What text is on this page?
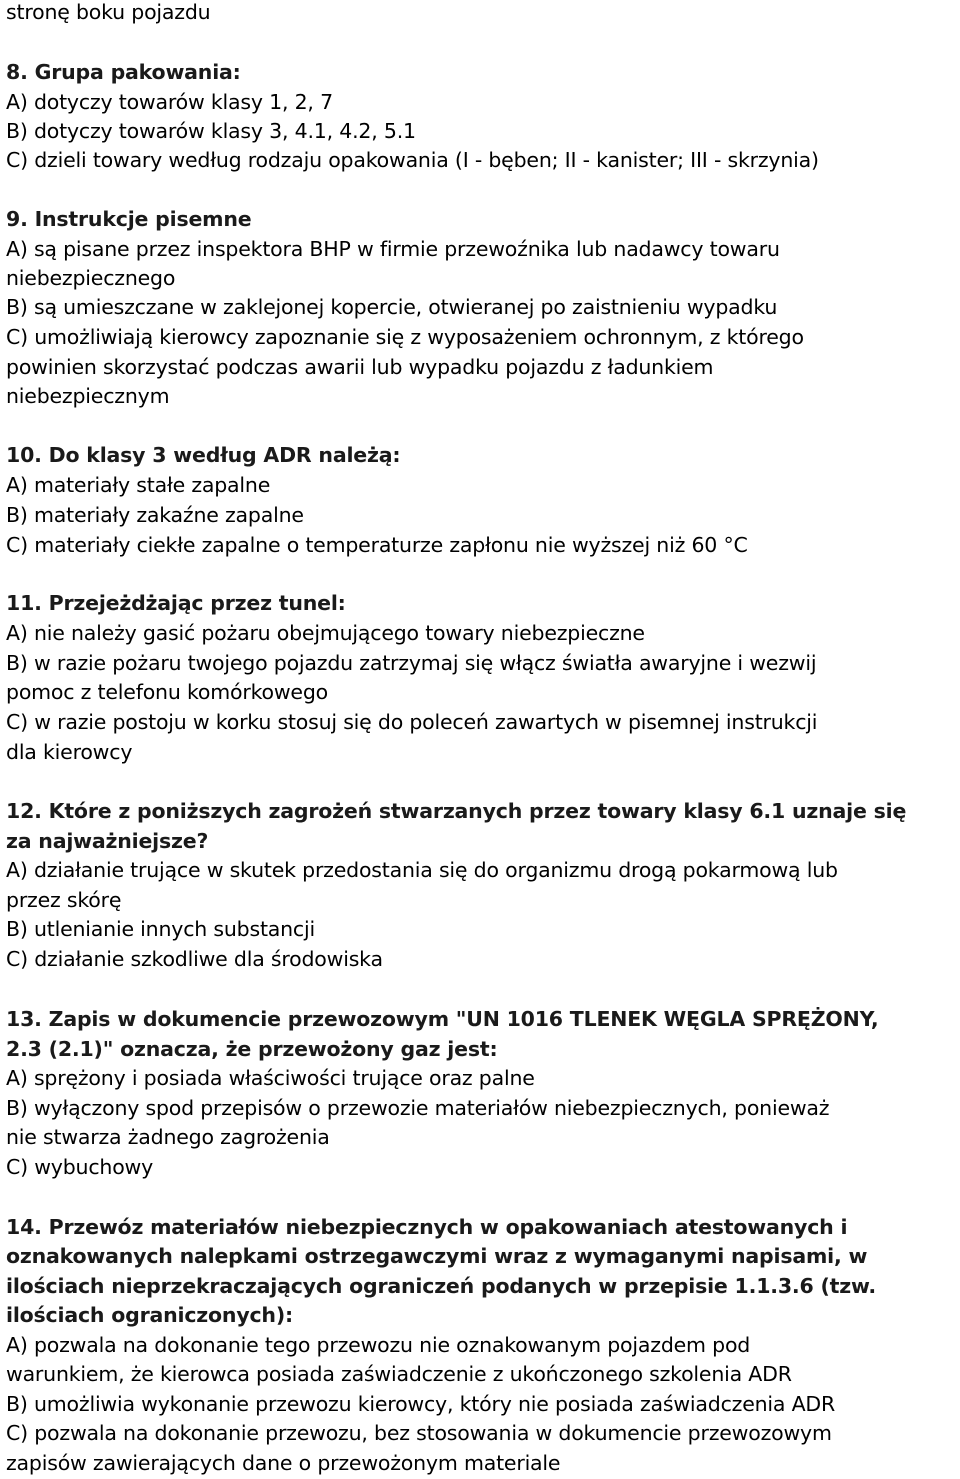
stronę boku pojazdu
8. Grupa pakowania:
A) dotyczy towarów klasy 1, 2, 7
B) dotyczy towarów klasy 3, 4.1, 4.2, 5.1
C) dzieli towary według rodzaju opakowania (I - bęben; II - kanister; III - skrzynia)
9. Instrukcje pisemne
A) są pisane przez inspektora BHP w firmie przewoźnika lub nadawcy towaru
niebezpiecznego
B) są umieszczane w zaklejonej kopercie, otwieranej po zaistnieniu wypadku
C) umożliwiają kierowcy zapoznanie się z wyposażeniem ochronnym, z którego
powinien skorzystać podczas awarii lub wypadku pojazdu z ładunkiem
niebezpiecznym
10. Do klasy 3 według ADR należą:
A) materiały stałe zapalne
B) materiały zakaźne zapalne
C) materiały ciekłe zapalne o temperaturze zapłonu nie wyższej niż 60 °C
11. Przejeżdżając przez tunel:
A) nie należy gasić pożaru obejmującego towary niebezpieczne
B) w razie pożaru twojego pojazdu zatrzymaj się włącz światła awaryjne i wezwij
pomoc z telefonu komórkowego
C) w razie postoju w korku stosuj się do poleceń zawartych w pisemnej instrukcji
dla kierowcy
12. Które z poniższych zagrożeń stwarzanych przez towary klasy 6.1 uznaje się
za najważniejsze?
A) działanie trujące w skutek przedostania się do organizmu drogą pokarmową lub
przez skórę
B) utlenianie innych substancji
C) działanie szkodliwe dla środowiska
13. Zapis w dokumencie przewozowym "UN 1016 TLENEK WĘGLA SPRĘŻONY,
2.3 (2.1)" oznacza, że przewożony gaz jest:
A) sprężony i posiada właściwości trujące oraz palne
B) wyłączony spod przepisów o przewozie materiałów niebezpiecznych, ponieważ
nie stwarza żadnego zagrożenia
C) wybuchowy
14. Przewóz materiałów niebezpiecznych w opakowaniach atestowanych i
oznakowanych nalepkami ostrzegawczymi wraz z wymaganymi napisami, w
ilościach nieprzekraczających ograniczeń podanych w przepisie 1.1.3.6 (tzw.
ilościach ograniczonych):
A) pozwala na dokonanie tego przewozu nie oznakowanym pojazdem pod
warunkiem, że kierowca posiada zaświadczenie z ukończonego szkolenia ADR
B) umożliwia wykonanie przewozu kierowcy, który nie posiada zaświadczenia ADR
C) pozwala na dokonanie przewozu, bez stosowania w dokumencie przewozowym
zapisów zawierających dane o przewożonym materiale
